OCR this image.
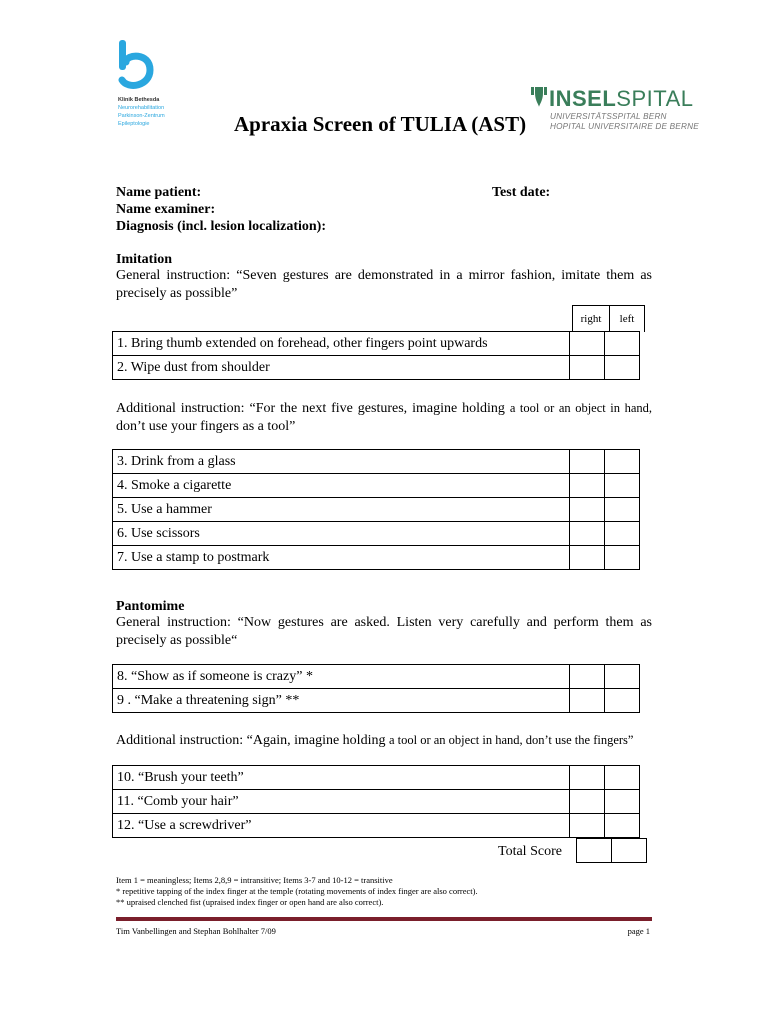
Klinik Bethesda
Neurorehabilitation
Parkinson-Zentrum
Epileptologie
INSELSPITAL
UNIVERSITÄTSSPITAL BERN
HOPITAL UNIVERSITAIRE DE BERNE
Apraxia Screen of TULIA (AST)
Name patient:	Test date:
Name examiner:
Diagnosis (incl. lesion localization):
Imitation
General instruction: “Seven gestures are demonstrated in a mirror fashion, imitate them as precisely as possible”
right	left
1. Bring thumb extended on forehead, other fingers point upwards		
2. Wipe dust from shoulder		
Additional instruction: “For the next five gestures, imagine holding a tool or an object in hand, don’t use your fingers as a tool”
3. Drink from a glass		
4. Smoke a cigarette		
5. Use a hammer		
6. Use scissors		
7. Use a stamp to postmark		
Pantomime
General instruction: “Now gestures are asked. Listen very carefully and perform them as precisely as possible“
8. “Show as if someone is crazy” *		
9 . “Make a threatening sign” **		
Additional instruction: “Again, imagine holding a tool or an object in hand, don’t use the fingers”
10. “Brush your teeth”		
11. “Comb your hair”		
12. “Use a screwdriver”		
Total Score

Item 1 = meaningless; Items 2,8,9 = intransitive; Items 3-7 and 10-12 = transitive
* repetitive tapping of the index finger at the temple (rotating movements of index finger are also correct).
** upraised clenched fist (upraised index finger or open hand are also correct).
Tim Vanbellingen and Stephan Bohlhalter 7/09	page 1
